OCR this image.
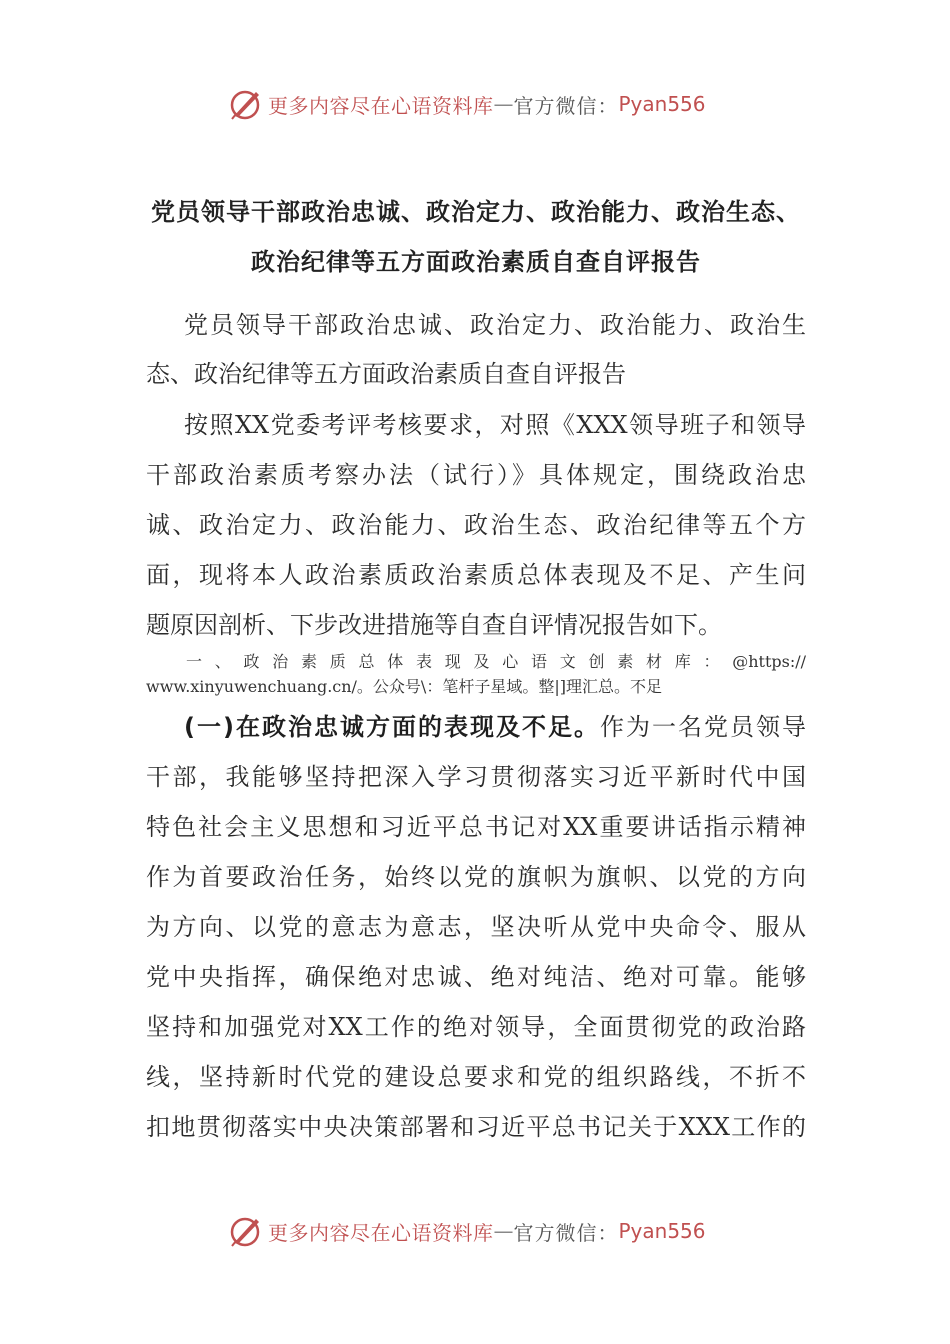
更多内容尽在心语资料库 — 官方微信： Pyan556
党员领导干部政治忠诚、政治定力、政治能力、政治生态、
政治纪律等五方面政治素质自查自评报告
党员领导干部政治忠诚、政治定力、政治能力、政治生
态、政治纪律等五方面政治素质自查自评报告
按照XX党委考评考核要求，对照《XXX领导班子和领导
干部政治素质考察办法（试行）》具体规定，围绕政治忠
诚、政治定力、政治能力、政治生态、政治纪律等五个方
面，现将本人政治素质政治素质总体表现及不足、产生问
题原因剖析、下步改进措施等自查自评情况报告如下。
一、政治素质总体表现及心语文创素材库：@https://
www.xinyuwenchuang.cn/。公众号\：笔杆子星域。整|]理汇总。不足
(一)在政治忠诚方面的表现及不足。作为一名党员领导
干部，我能够坚持把深入学习贯彻落实习近平新时代中国
特色社会主义思想和习近平总书记对XX重要讲话指示精神
作为首要政治任务，始终以党的旗帜为旗帜、以党的方向
为方向、以党的意志为意志，坚决听从党中央命令、服从
党中央指挥，确保绝对忠诚、绝对纯洁、绝对可靠。能够
坚持和加强党对XX工作的绝对领导，全面贯彻党的政治路
线，坚持新时代党的建设总要求和党的组织路线，不折不
扣地贯彻落实中央决策部署和习近平总书记关于XXX工作的
更多内容尽在心语资料库 — 官方微信： Pyan556
